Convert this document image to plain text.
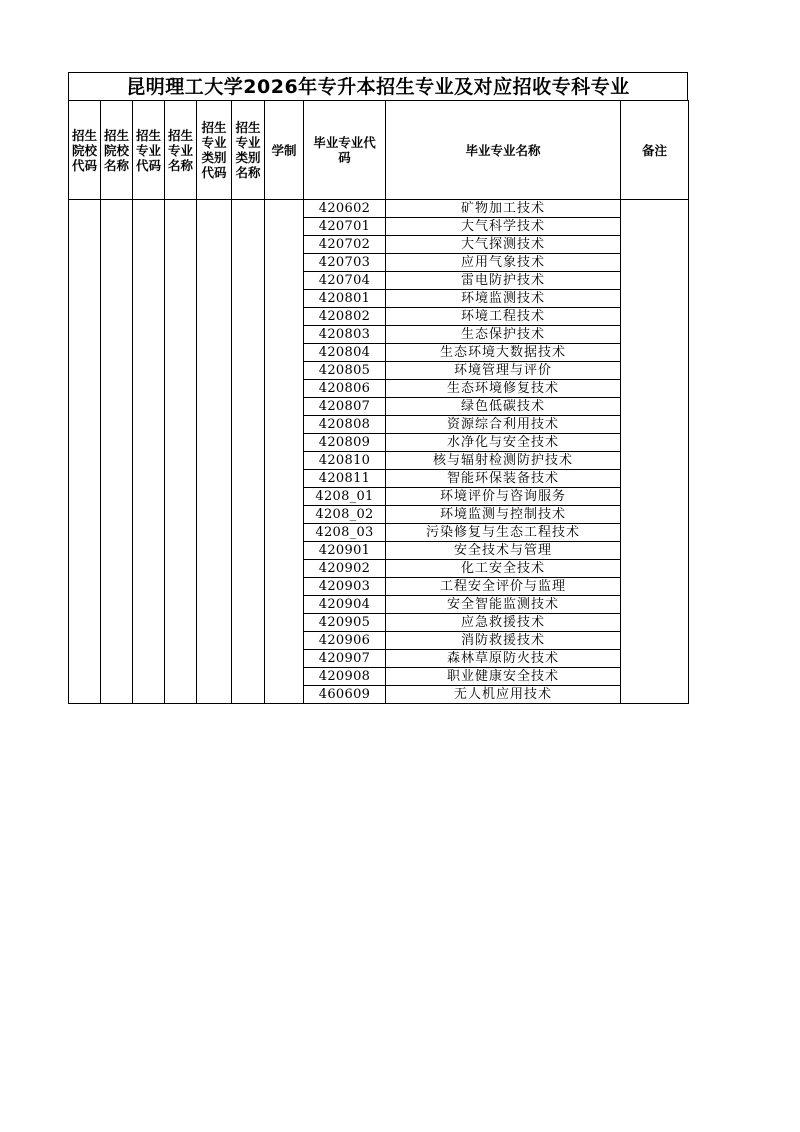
昆明理工大学2026年专升本招生专业及对应招收专科专业
招生院校代码	招生院校名称	招生专业代码	招生专业名称	招生专业类别代码	招生专业类别名称	学制	毕业专业代码	毕业专业名称	备注
							420602	矿物加工技术	
							420701	大气科学技术	
							420702	大气探测技术	
							420703	应用气象技术	
							420704	雷电防护技术	
							420801	环境监测技术	
							420802	环境工程技术	
							420803	生态保护技术	
							420804	生态环境大数据技术	
							420805	环境管理与评价	
							420806	生态环境修复技术	
							420807	绿色低碳技术	
							420808	资源综合利用技术	
							420809	水净化与安全技术	
							420810	核与辐射检测防护技术	
							420811	智能环保装备技术	
							4208_01	环境评价与咨询服务	
							4208_02	环境监测与控制技术	
							4208_03	污染修复与生态工程技术	
							420901	安全技术与管理	
							420902	化工安全技术	
							420903	工程安全评价与监理	
							420904	安全智能监测技术	
							420905	应急救援技术	
							420906	消防救援技术	
							420907	森林草原防火技术	
							420908	职业健康安全技术	
							460609	无人机应用技术	
